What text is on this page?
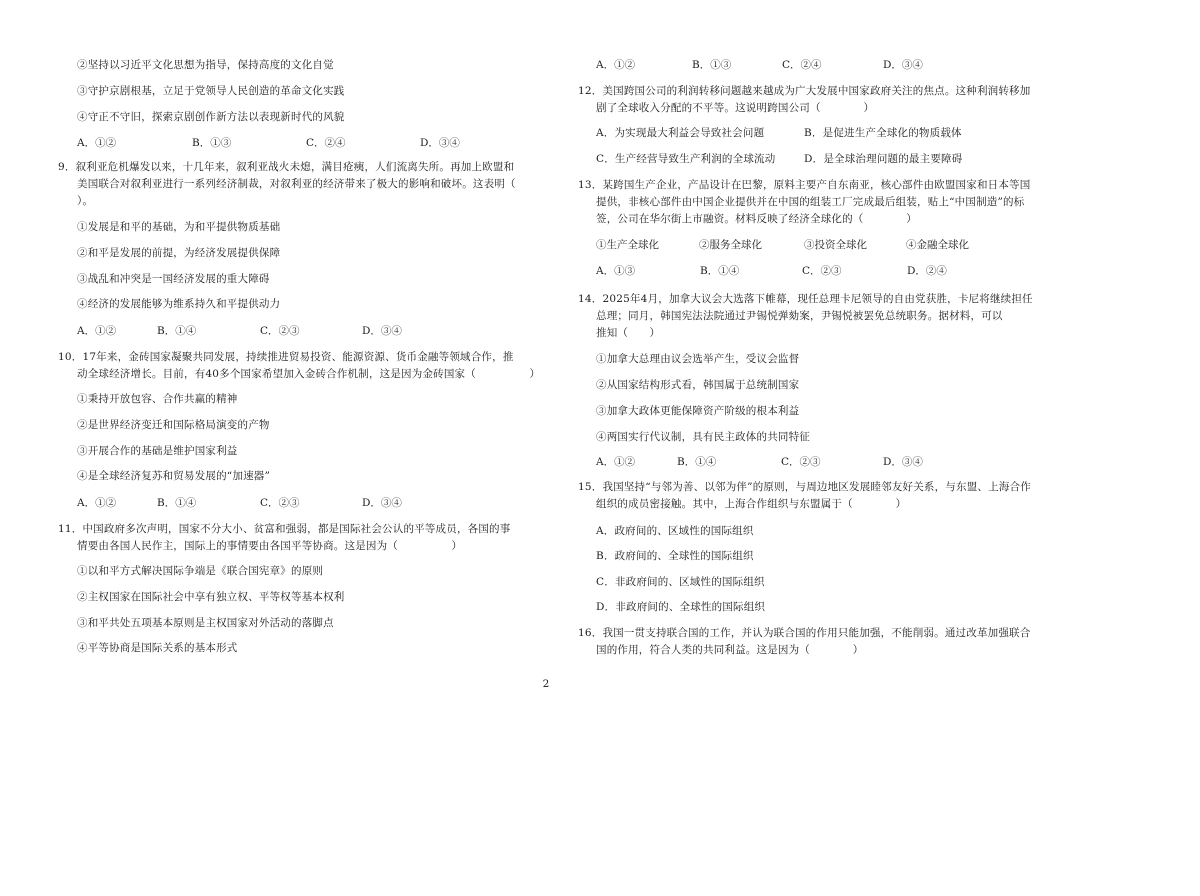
②坚持以习近平文化思想为指导，保持高度的文化自觉
③守护京剧根基，立足于党领导人民创造的革命文化实践
④守正不守旧，探索京剧创作新方法以表现新时代的风貌
A．①②	B．①③	C．②④	D．③④
9．叙利亚危机爆发以来，十几年来，叙利亚战火未熄，满目疮痍，人们流离失所。再加上欧盟和
美国联合对叙利亚进行一系列经济制裁，对叙利亚的经济带来了极大的影响和破坏。这表明（
）。
①发展是和平的基础，为和平提供物质基础
②和平是发展的前提，为经济发展提供保障
③战乱和冲突是一国经济发展的重大障碍
④经济的发展能够为维系持久和平提供动力
A．①②	B．①④	C．②③	D．③④
10．17年来，金砖国家凝聚共同发展，持续推进贸易投资、能源资源、货币金融等领域合作，推
动全球经济增长。目前，有40多个国家希望加入金砖合作机制，这是因为金砖国家（　　　　　）
①秉持开放包容、合作共赢的精神
②是世界经济变迁和国际格局演变的产物
③开展合作的基础是维护国家利益
④是全球经济复苏和贸易发展的“加速器”
A．①②	B．①④	C．②③	D．③④
11．中国政府多次声明，国家不分大小、贫富和强弱，都是国际社会公认的平等成员，各国的事
情要由各国人民作主，国际上的事情要由各国平等协商。这是因为（　　　　　）
①以和平方式解决国际争端是《联合国宪章》的原则
②主权国家在国际社会中享有独立权、平等权等基本权利
③和平共处五项基本原则是主权国家对外活动的落脚点
④平等协商是国际关系的基本形式
2
A．①②	B．①③	C．②④	D．③④
12．美国跨国公司的利润转移问题越来越成为广大发展中国家政府关注的焦点。这种利润转移加
剧了全球收入分配的不平等。这说明跨国公司（　　　　）
A．为实现最大利益会导致社会问题	B．是促进生产全球化的物质载体
C．生产经营导致生产利润的全球流动	D．是全球治理问题的最主要障碍
13．某跨国生产企业，产品设计在巴黎，原料主要产自东南亚，核心部件由欧盟国家和日本等国
提供，非核心部件由中国企业提供并在中国的组装工厂完成最后组装，贴上“中国制造”的标
签，公司在华尔街上市融资。材料反映了经济全球化的（　　　　）
①生产全球化	②服务全球化	③投资全球化	④金融全球化
A．①③	B．①④	C．②③	D．②④
14．2025年4月，加拿大议会大选落下帷幕，现任总理卡尼领导的自由党获胜，卡尼将继续担任
总理；同月，韩国宪法法院通过尹锡悦弹劾案，尹锡悦被罢免总统职务。据材料，可以
推知（　　）
①加拿大总理由议会选举产生，受议会监督
②从国家结构形式看，韩国属于总统制国家
③加拿大政体更能保障资产阶级的根本利益
④两国实行代议制，具有民主政体的共同特征
A．①②	B．①④	C．②③	D．③④
15．我国坚持“与邻为善、以邻为伴”的原则，与周边地区发展睦邻友好关系，与东盟、上海合作
组织的成员密接触。其中，上海合作组织与东盟属于（　　　　）
A．政府间的、区域性的国际组织
B．政府间的、全球性的国际组织
C．非政府间的、区域性的国际组织
D．非政府间的、全球性的国际组织
16．我国一贯支持联合国的工作，并认为联合国的作用只能加强，不能削弱。通过改革加强联合
国的作用，符合人类的共同利益。这是因为（　　　　）
